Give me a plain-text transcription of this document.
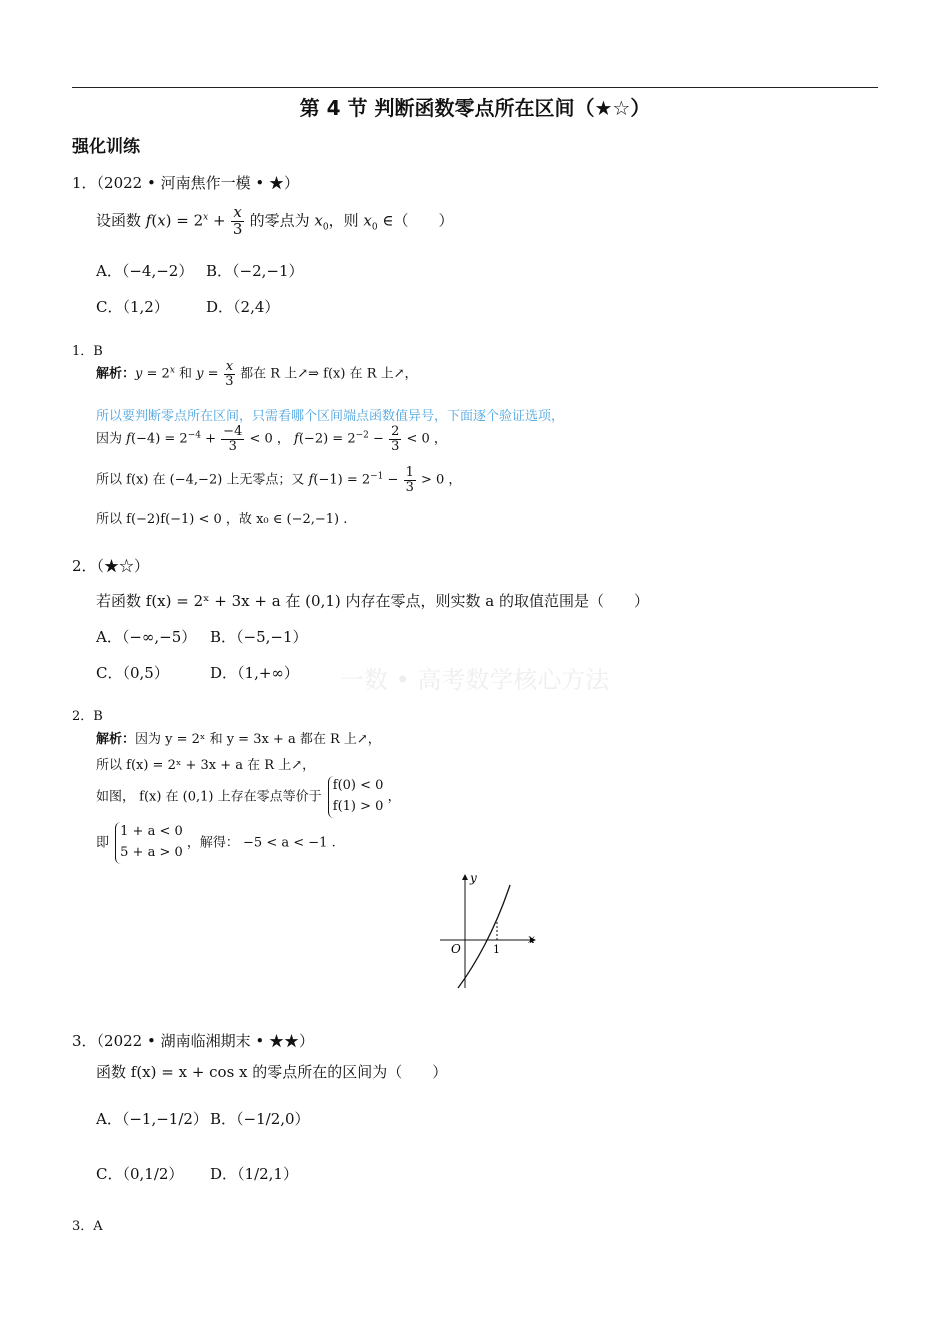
第 4 节 判断函数零点所在区间（★☆）
强化训练
1．（2022 • 河南焦作一模 • ★）
设函数 $f(x) = 2^x + \frac{x}{3}$ 的零点为 $x_0$，则 $x_0$ ∈（　　）
A．（−4,−2） B．（−2,−1）
C．（1,2） D．（2,4）
1．B
解析：$y = 2^x$ 和 $y = \frac{x}{3}$ 都在 R 上↗⇒ f(x) 在 R 上↗，
所以要判断零点所在区间，只需看哪个区间端点函数值异号，下面逐个验证选项，
因为 $f(-4) = 2^{-4} + \frac{-4}{3} < 0$ ， $f(-2) = 2^{-2} - \frac{2}{3} < 0$ ，
所以 f(x) 在 (−4,−2) 上无零点；又 $f(-1) = 2^{-1} - \frac{1}{3} > 0$ ，
所以 f(−2)f(−1) < 0 ，故 x₀ ∈ (−2,−1) .
2．（★☆）
若函数 f(x) = 2ˣ + 3x + a 在 (0,1) 内存在零点，则实数 a 的取值范围是（　　）
A．（−∞,−5） B．（−5,−1）
C．（0,5）	D．（1,+∞） 一数 • 高考数学核心方法
2．B
解析：因为 y = 2ˣ 和 y = 3x + a 都在 R 上↗，
所以 f(x) = 2ˣ + 3x + a 在 R 上↗，
如图， f(x) 在 (0,1) 上存在零点等价于
f(0) < 0
f(1) > 0
，
即
1 + a < 0
5 + a > 0
，解得： −5 < a < −1 .
y
x
O	1
3．（2022 • 湖南临湘期末 • ★★）
函数 f(x) = x + cos x 的零点所在的区间为（　　）
A．（−1,−1/2） B．（−1/2,0）
C．（0,1/2） D．（1/2,1）
3．A
